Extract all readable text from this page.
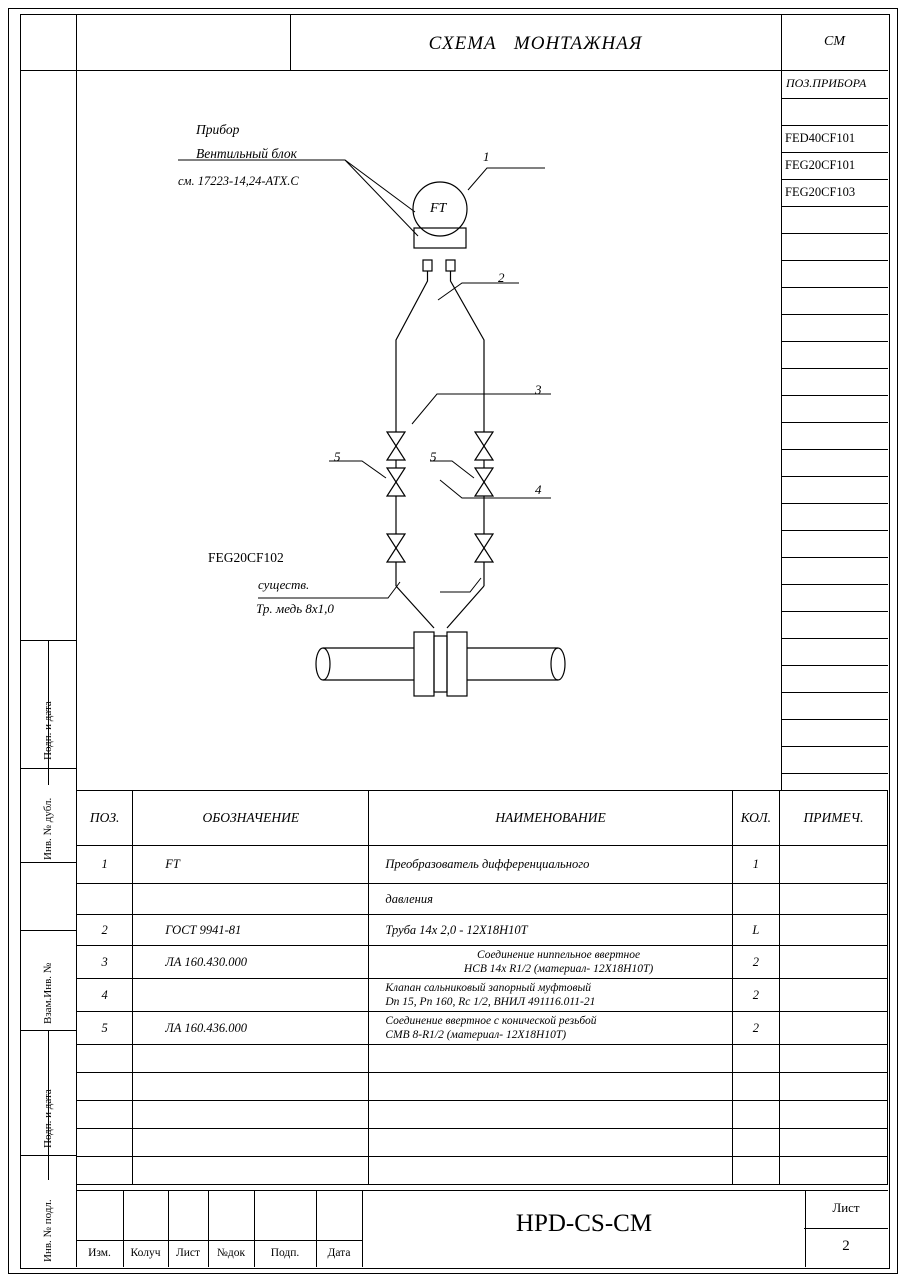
СХЕМА   МОНТАЖНАЯ	СМ
ПОЗ.ПРИБОРА
FED40CF101
FEG20CF101
FEG20CF103
Подп. и дата
Инв. № дубл.
Взам.Инв. №
Подп. и дата
Инв. № подл.
Прибор
Вентильный блок
см. 17223-14,24-АТХ.С
FT
1
2
3
4
5	5
FEG20CF102
существ.
Тр. медь 8х1,0
ПОЗ.	ОБОЗНАЧЕНИЕ	НАИМЕНОВАНИЕ	КОЛ.	ПРИМЕЧ.
1	FT	Преобразователь дифференциального	1	
		давления		
2	ГОСТ 9941-81	Труба 14х 2,0 - 12Х18Н10Т	L	
3	ЛА 160.430.000	Соединение ниппельное ввертное
НСВ 14х R1/2 (материал- 12Х18Н10Т)	2	
4		Клапан сальниковый запорный муфтовый
Dn 15, Pn 160, Rc 1/2, ВНИЛ 491116.011-21	2	
5	ЛА 160.436.000	Соединение ввертное с конической резьбой
СМВ 8-R1/2 (материал- 12Х18Н10Т)	2	

Изм.	Колуч	Лист	№док	Подп.	Дата
HPD-CS-CM
Лист
2
